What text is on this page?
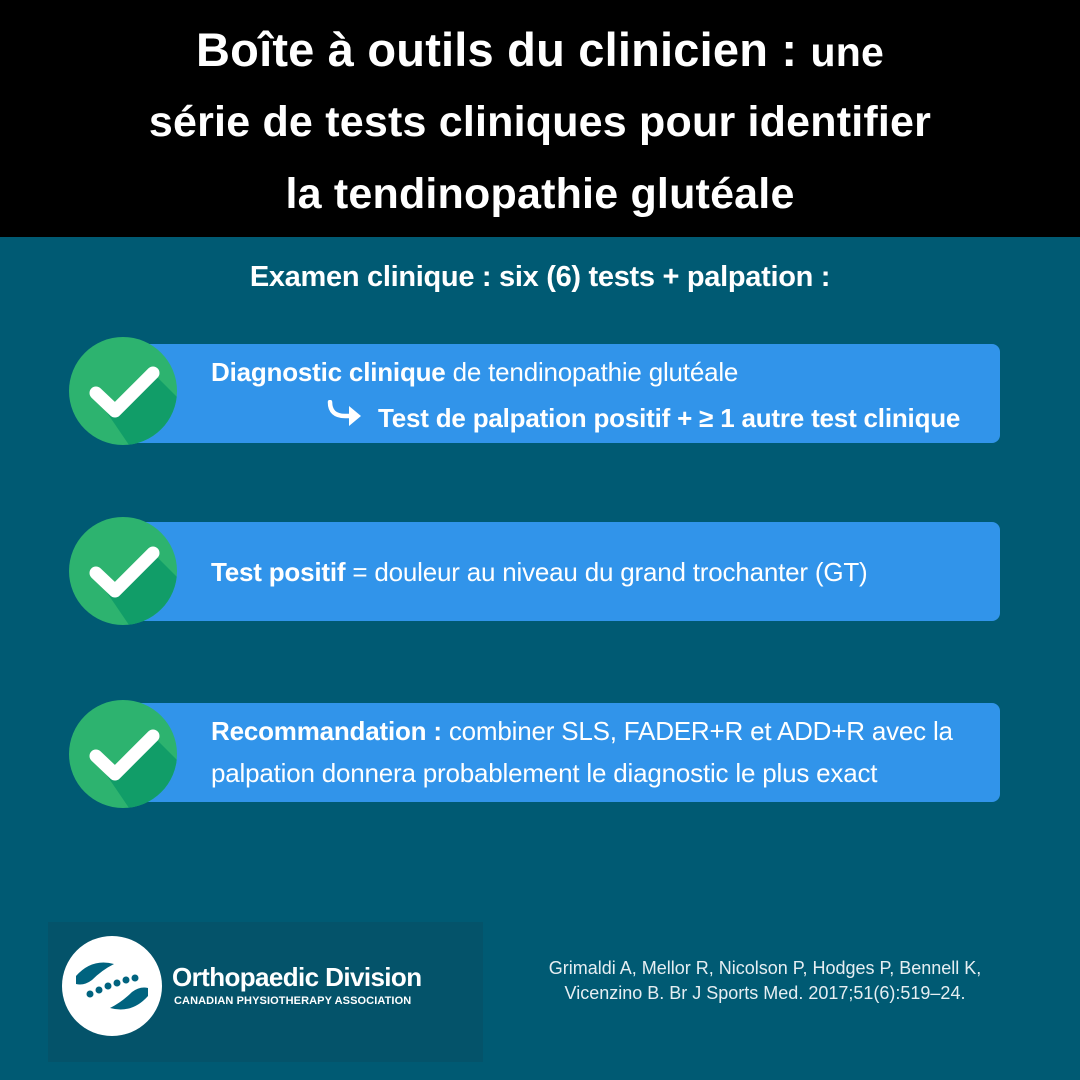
Boîte à outils du clinicien : une
série de tests cliniques pour identifier
la tendinopathie glutéale
Examen clinique : six (6) tests + palpation :
Diagnostic clinique de tendinopathie glutéale
Test de palpation positif + ≥ 1 autre test clinique
Test positif = douleur au niveau du grand trochanter (GT)
Recommandation : combiner SLS, FADER+R et ADD+R avec la
palpation donnera probablement le diagnostic le plus exact
Orthopaedic Division
CANADIAN PHYSIOTHERAPY ASSOCIATION
Grimaldi A, Mellor R, Nicolson P, Hodges P, Bennell K,
Vicenzino B. Br J Sports Med. 2017;51(6):519–24.
